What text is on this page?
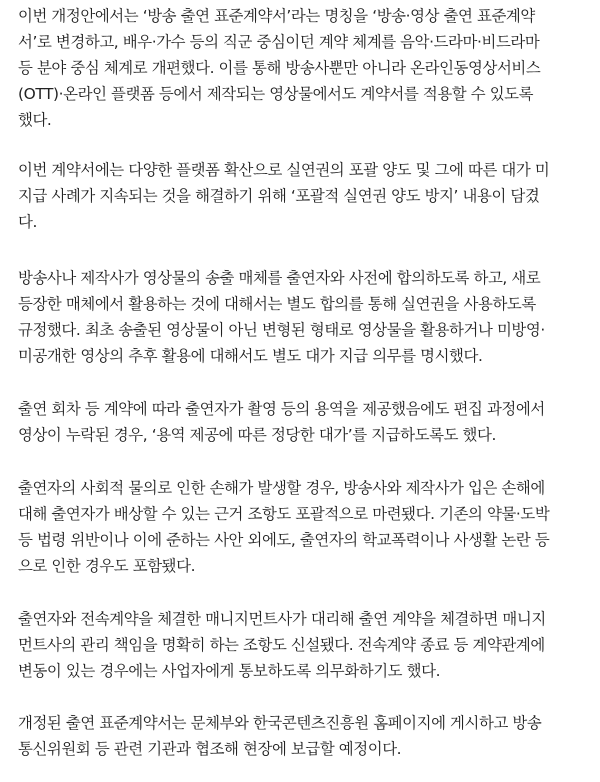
이번 개정안에서는 ‘방송 출연 표준계약서’라는 명칭을 ‘방송·영상 출연 표준계약
서’로 변경하고, 배우·가수 등의 직군 중심이던 계약 체계를 음악·드라마·비드라마
등 분야 중심 체계로 개편했다. 이를 통해 방송사뿐만 아니라 온라인동영상서비스
(OTT)·온라인 플랫폼 등에서 제작되는 영상물에서도 계약서를 적용할 수 있도록
했다.

이번 계약서에는 다양한 플랫폼 확산으로 실연권의 포괄 양도 및 그에 따른 대가 미
지급 사례가 지속되는 것을 해결하기 위해 ‘포괄적 실연권 양도 방지’ 내용이 담겼
다.

방송사나 제작사가 영상물의 송출 매체를 출연자와 사전에 합의하도록 하고, 새로
등장한 매체에서 활용하는 것에 대해서는 별도 합의를 통해 실연권을 사용하도록
규정했다. 최초 송출된 영상물이 아닌 변형된 형태로 영상물을 활용하거나 미방영·
미공개한 영상의 추후 활용에 대해서도 별도 대가 지급 의무를 명시했다.

출연 회차 등 계약에 따라 출연자가 촬영 등의 용역을 제공했음에도 편집 과정에서
영상이 누락된 경우, ‘용역 제공에 따른 정당한 대가’를 지급하도록도 했다.

출연자의 사회적 물의로 인한 손해가 발생할 경우, 방송사와 제작사가 입은 손해에
대해 출연자가 배상할 수 있는 근거 조항도 포괄적으로 마련됐다. 기존의 약물·도박
등 법령 위반이나 이에 준하는 사안 외에도, 출연자의 학교폭력이나 사생활 논란 등
으로 인한 경우도 포함됐다.

출연자와 전속계약을 체결한 매니지먼트사가 대리해 출연 계약을 체결하면 매니지
먼트사의 관리 책임을 명확히 하는 조항도 신설됐다. 전속계약 종료 등 계약관계에
변동이 있는 경우에는 사업자에게 통보하도록 의무화하기도 했다.

개정된 출연 표준계약서는 문체부와 한국콘텐츠진흥원 홈페이지에 게시하고 방송
통신위원회 등 관련 기관과 협조해 현장에 보급할 예정이다.
